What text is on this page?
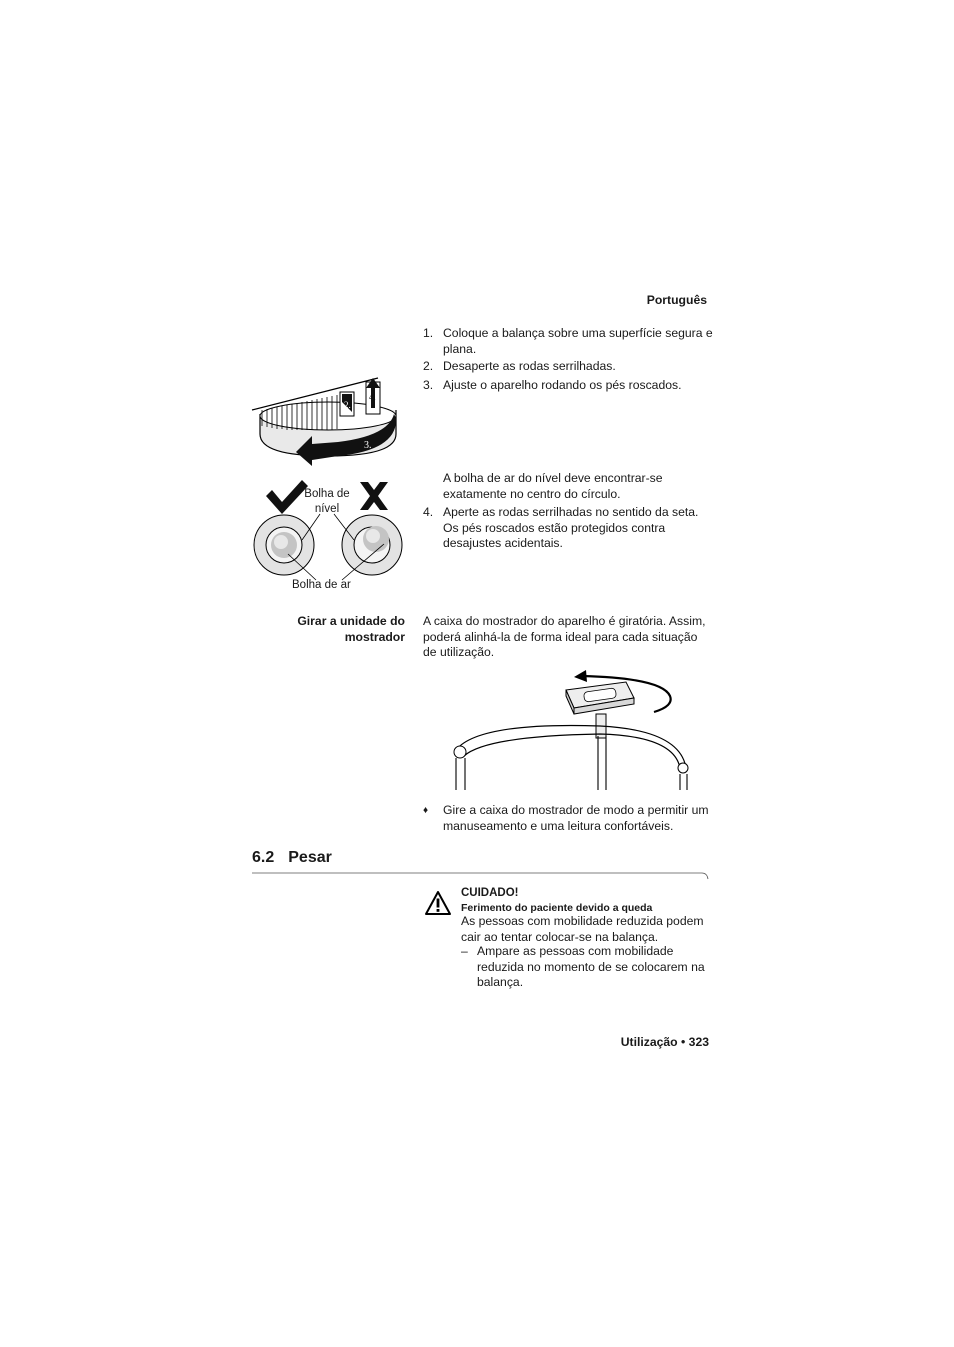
Português
1. Coloque a balança sobre uma superfície segura e plana.
2. Desaperte as rodas serrilhadas.
3. Ajuste o aparelho rodando os pés roscados.
2.
4.
3.
A bolha de ar do nível deve encontrar-se exatamente no centro do círculo.
4. Aperte as rodas serrilhadas no sentido da seta. Os pés roscados estão protegidos contra desajustes acidentais.
Bolha de nível
Bolha de ar
Girar a unidade do mostrador
A caixa do mostrador do aparelho é giratória. Assim, poderá alinhá-la de forma ideal para cada situação de utilização.
♦	Gire a caixa do mostrador de modo a permitir um manuseamento e uma leitura confortáveis.
6.2 Pesar
CUIDADO!
Ferimento do paciente devido a queda
As pessoas com mobilidade reduzida podem cair ao tentar colocar-se na balança.
– Ampare as pessoas com mobilidade reduzida no momento de se colocarem na balança.
Utilização • 323
